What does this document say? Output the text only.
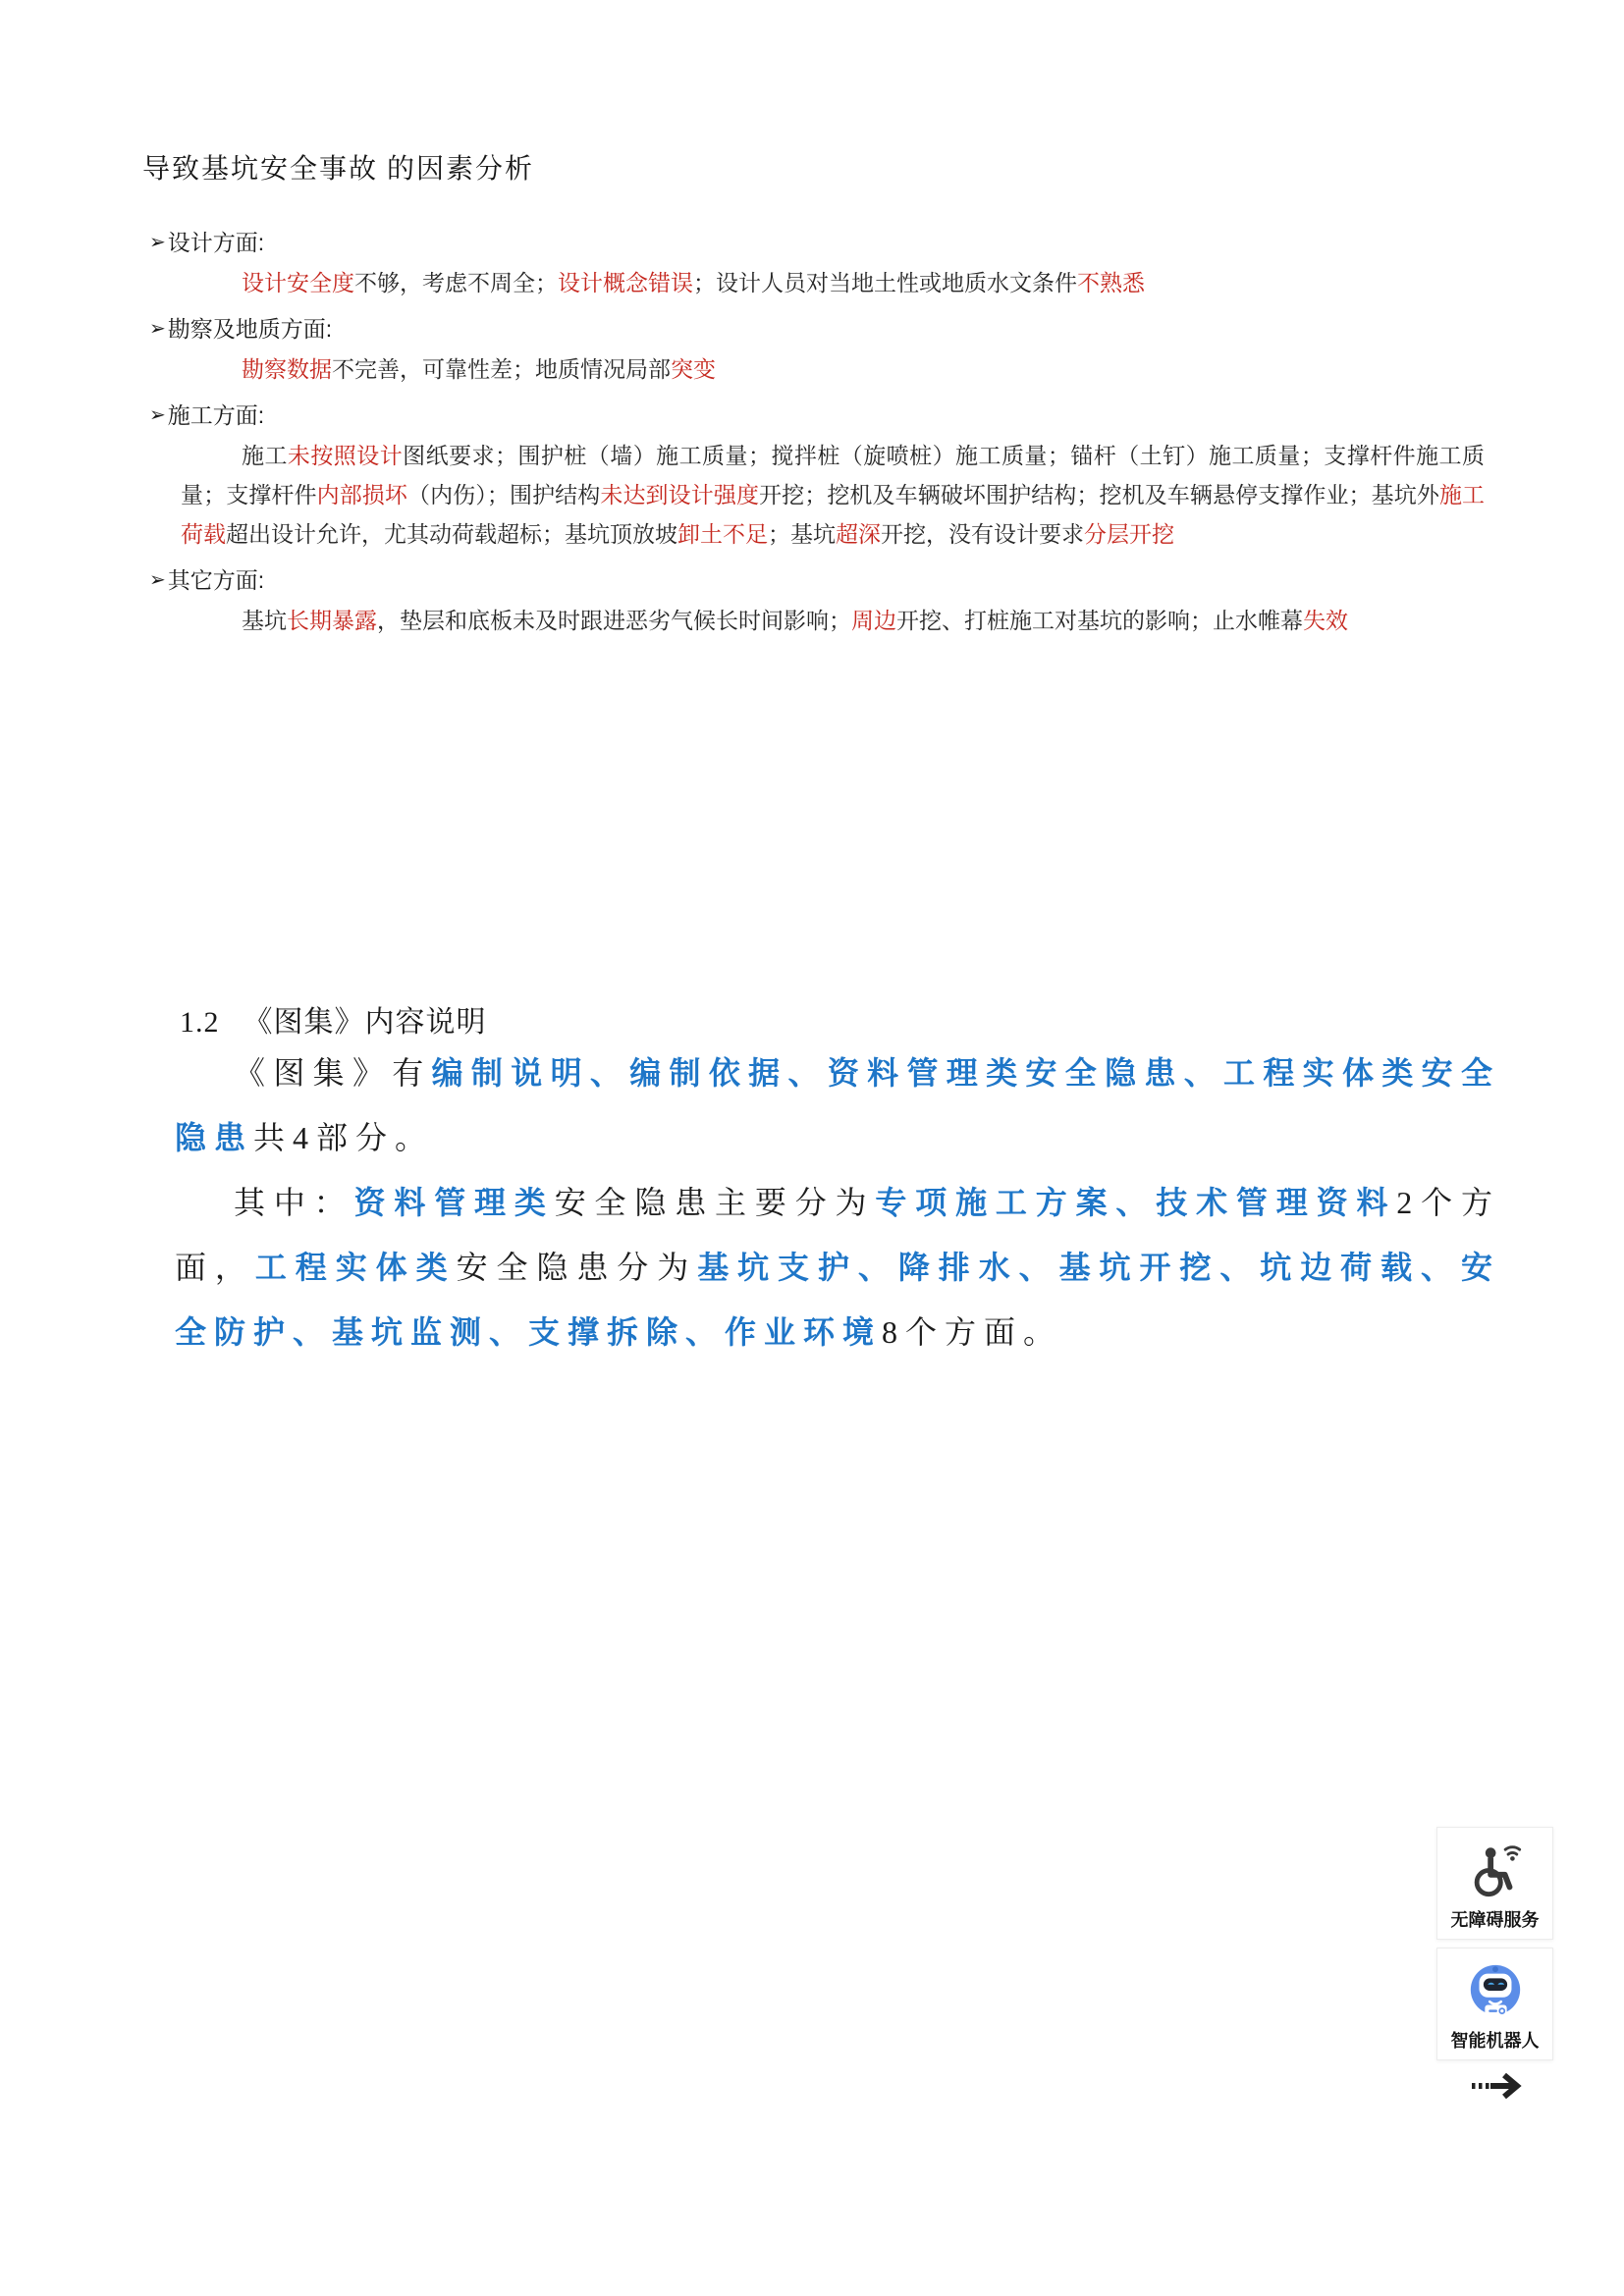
导致基坑安全事故 的因素分析
➢ 设计方面:
设计安全度不够，考虑不周全；设计概念错误；设计人员对当地土性或地质水文条件不熟悉
➢ 勘察及地质方面:
勘察数据不完善，可靠性差；地质情况局部突变
➢ 施工方面:
施工未按照设计图纸要求；围护桩（墙）施工质量；搅拌桩（旋喷桩）施工质量；锚杆（土钉）施工质量；支撑杆件施工质量；支撑杆件内部损坏（内伤）；围护结构未达到设计强度开挖；挖机及车辆破坏围护结构；挖机及车辆悬停支撑作业；基坑外施工荷载超出设计允许，尤其动荷载超标；基坑顶放坡卸土不足；基坑超深开挖，没有设计要求分层开挖
➢ 其它方面:
基坑长期暴露，垫层和底板未及时跟进恶劣气候长时间影响；周边开挖、打桩施工对基坑的影响；止水帷幕失效
1.2 《图集》内容说明

《图集》有编制说明、编制依据、资料管理类安全隐患、工程实体类安全隐患共4部分。

其中：资料管理类安全隐患主要分为专项施工方案、技术管理资料2个方面，工程实体类安全隐患分为基坑支护、降排水、基坑开挖、坑边荷载、安全防护、基坑监测、支撑拆除、作业环境8个方面。

无障碍服务
智能机器人
